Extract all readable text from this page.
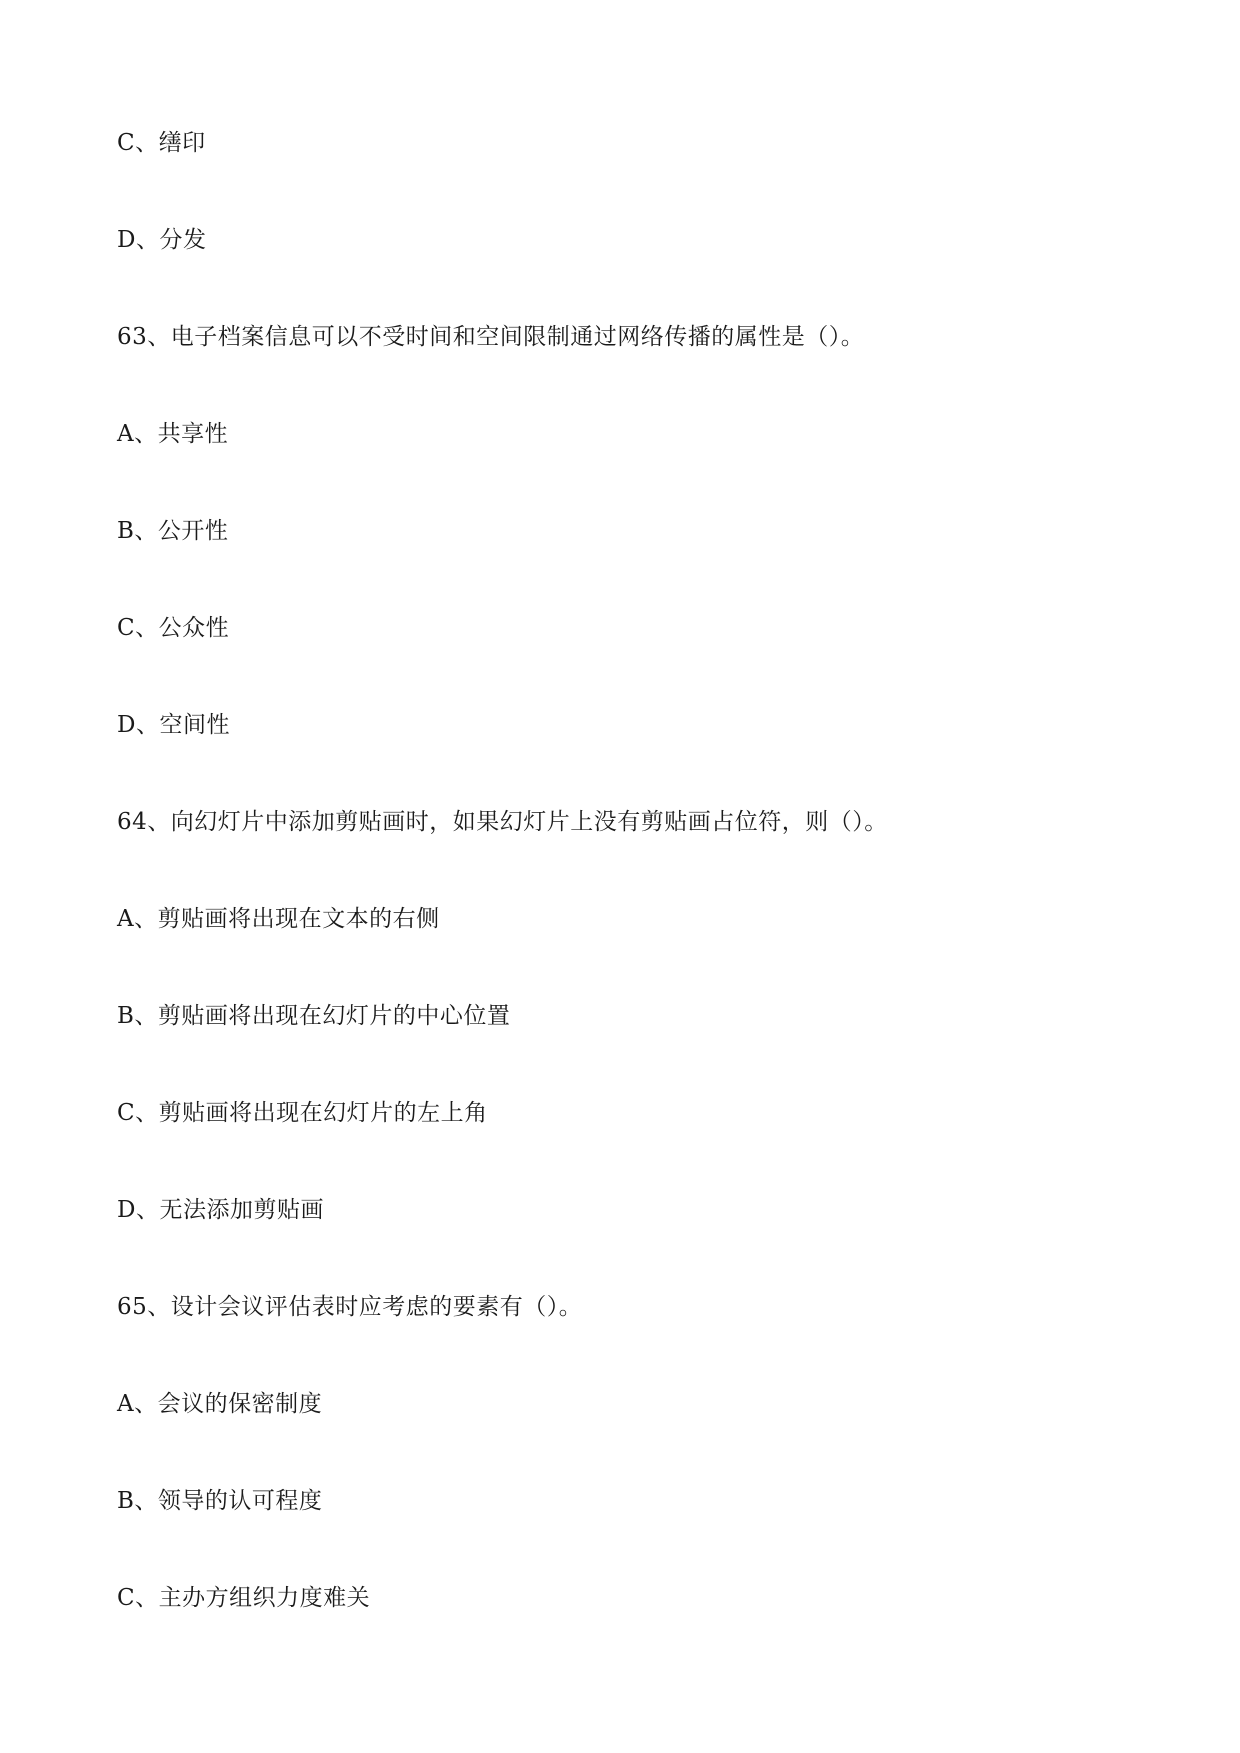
C、缮印
D、分发
63、电子档案信息可以不受时间和空间限制通过网络传播的属性是（）。
A、共享性
B、公开性
C、公众性
D、空间性
64、向幻灯片中添加剪贴画时，如果幻灯片上没有剪贴画占位符，则（）。
A、剪贴画将出现在文本的右侧
B、剪贴画将出现在幻灯片的中心位置
C、剪贴画将出现在幻灯片的左上角
D、无法添加剪贴画
65、设计会议评估表时应考虑的要素有（）。
A、会议的保密制度
B、领导的认可程度
C、主办方组织力度难关
